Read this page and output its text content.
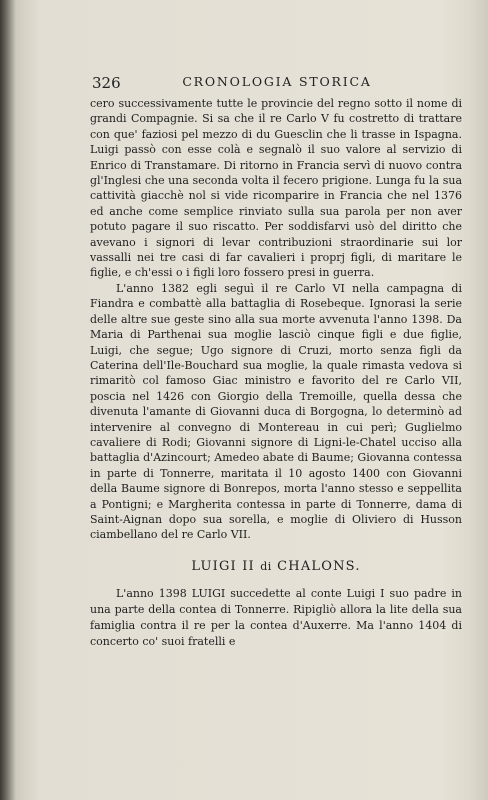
326	CRONOLOGIA STORICA

cero successivamente tutte le provincie del regno sotto il nome di grandi Compagnie. Si sa che il re Carlo V fu costretto di trattare con que' faziosi pel mezzo di du Guesclin che li trasse in Ispagna. Luigi passò con esse colà e segnalò il suo valore al servizio di Enrico di Transtamare. Di ritorno in Francia servì di nuovo contra gl'Inglesi che una seconda volta il fecero prigione. Lunga fu la sua cattività giacchè nol si vide ricomparire in Francia che nel 1376 ed anche come semplice rinviato sulla sua parola per non aver potuto pagare il suo riscatto. Per soddisfarvi usò del diritto che avevano i signori di levar contribuzioni straordinarie sui lor vassalli nei tre casi di far cavalieri i proprj figli, di maritare le figlie, e ch'essi o i figli loro fossero presi in guerra.

L'anno 1382 egli seguì il re Carlo VI nella campagna di Fiandra e combattè alla battaglia di Rosebeque. Ignorasi la serie delle altre sue geste sino alla sua morte avvenuta l'anno 1398. Da Maria di Parthenai sua moglie lasciò cinque figli e due figlie, Luigi, che segue; Ugo signore di Cruzi, morto senza figli da Caterina dell'Ile-Bouchard sua moglie, la quale rimasta vedova si rimaritò col famoso Giac ministro e favorito del re Carlo VII, poscia nel 1426 con Giorgio della Tremoille, quella dessa che divenuta l'amante di Giovanni duca di Borgogna, lo determinò ad intervenire al convegno di Montereau in cui perì; Guglielmo cavaliere di Rodi; Giovanni signore di Ligni-le-Chatel ucciso alla battaglia d'Azincourt; Amedeo abate di Baume; Giovanna contessa in parte di Tonnerre, maritata il 10 agosto 1400 con Giovanni della Baume signore di Bonrepos, morta l'anno stesso e seppellita a Pontigni; e Margherita contessa in parte di Tonnerre, dama di Saint-Aignan dopo sua sorella, e moglie di Oliviero di Husson ciambellano del re Carlo VII.

LUIGI II di CHALONS.

L'anno 1398 LUIGI succedette al conte Luigi I suo padre in una parte della contea di Tonnerre. Ripigliò allora la lite della sua famiglia contra il re per la contea d'Auxerre. Ma l'anno 1404 di concerto co' suoi fratelli e
